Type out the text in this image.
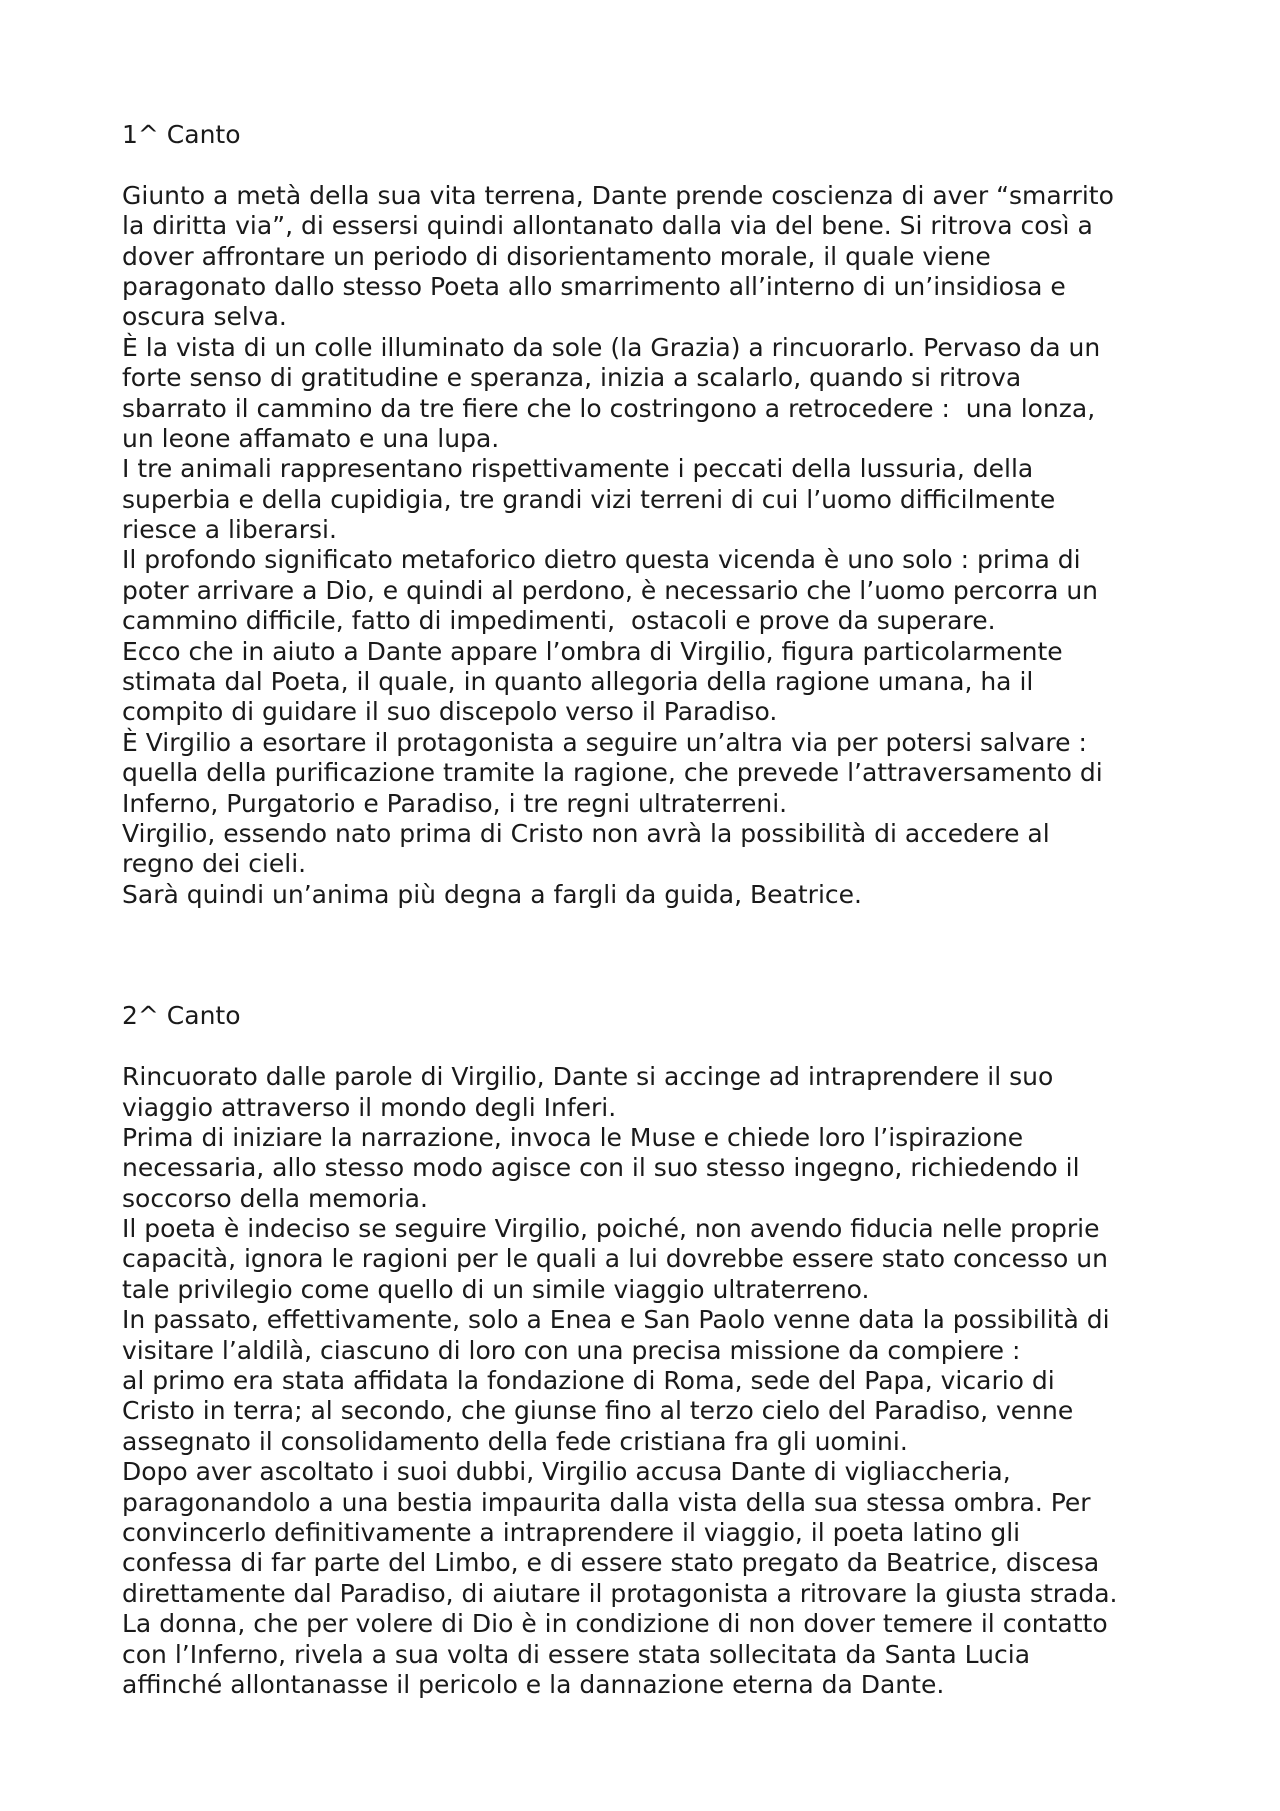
1^ Canto
Giunto a metà della sua vita terrena, Dante prende coscienza di aver “smarrito
la diritta via”, di essersi quindi allontanato dalla via del bene. Si ritrova così a
dover affrontare un periodo di disorientamento morale, il quale viene
paragonato dallo stesso Poeta allo smarrimento all’interno di un’insidiosa e
oscura selva.
È la vista di un colle illuminato da sole (la Grazia) a rincuorarlo. Pervaso da un
forte senso di gratitudine e speranza, inizia a scalarlo, quando si ritrova
sbarrato il cammino da tre fiere che lo costringono a retrocedere :  una lonza,
un leone affamato e una lupa.
I tre animali rappresentano rispettivamente i peccati della lussuria, della
superbia e della cupidigia, tre grandi vizi terreni di cui l’uomo difficilmente
riesce a liberarsi.
Il profondo significato metaforico dietro questa vicenda è uno solo : prima di
poter arrivare a Dio, e quindi al perdono, è necessario che l’uomo percorra un
cammino difficile, fatto di impedimenti,  ostacoli e prove da superare.
Ecco che in aiuto a Dante appare l’ombra di Virgilio, figura particolarmente
stimata dal Poeta, il quale, in quanto allegoria della ragione umana, ha il
compito di guidare il suo discepolo verso il Paradiso.
È Virgilio a esortare il protagonista a seguire un’altra via per potersi salvare :
quella della purificazione tramite la ragione, che prevede l’attraversamento di
Inferno, Purgatorio e Paradiso, i tre regni ultraterreni.
Virgilio, essendo nato prima di Cristo non avrà la possibilità di accedere al
regno dei cieli.
Sarà quindi un’anima più degna a fargli da guida, Beatrice.
2^ Canto
Rincuorato dalle parole di Virgilio, Dante si accinge ad intraprendere il suo
viaggio attraverso il mondo degli Inferi.
Prima di iniziare la narrazione, invoca le Muse e chiede loro l’ispirazione
necessaria, allo stesso modo agisce con il suo stesso ingegno, richiedendo il
soccorso della memoria.
Il poeta è indeciso se seguire Virgilio, poiché, non avendo fiducia nelle proprie
capacità, ignora le ragioni per le quali a lui dovrebbe essere stato concesso un
tale privilegio come quello di un simile viaggio ultraterreno.
In passato, effettivamente, solo a Enea e San Paolo venne data la possibilità di
visitare l’aldilà, ciascuno di loro con una precisa missione da compiere :
al primo era stata affidata la fondazione di Roma, sede del Papa, vicario di
Cristo in terra; al secondo, che giunse fino al terzo cielo del Paradiso, venne
assegnato il consolidamento della fede cristiana fra gli uomini.
Dopo aver ascoltato i suoi dubbi, Virgilio accusa Dante di vigliaccheria,
paragonandolo a una bestia impaurita dalla vista della sua stessa ombra. Per
convincerlo definitivamente a intraprendere il viaggio, il poeta latino gli
confessa di far parte del Limbo, e di essere stato pregato da Beatrice, discesa
direttamente dal Paradiso, di aiutare il protagonista a ritrovare la giusta strada.
La donna, che per volere di Dio è in condizione di non dover temere il contatto
con l’Inferno, rivela a sua volta di essere stata sollecitata da Santa Lucia
affinché allontanasse il pericolo e la dannazione eterna da Dante.
